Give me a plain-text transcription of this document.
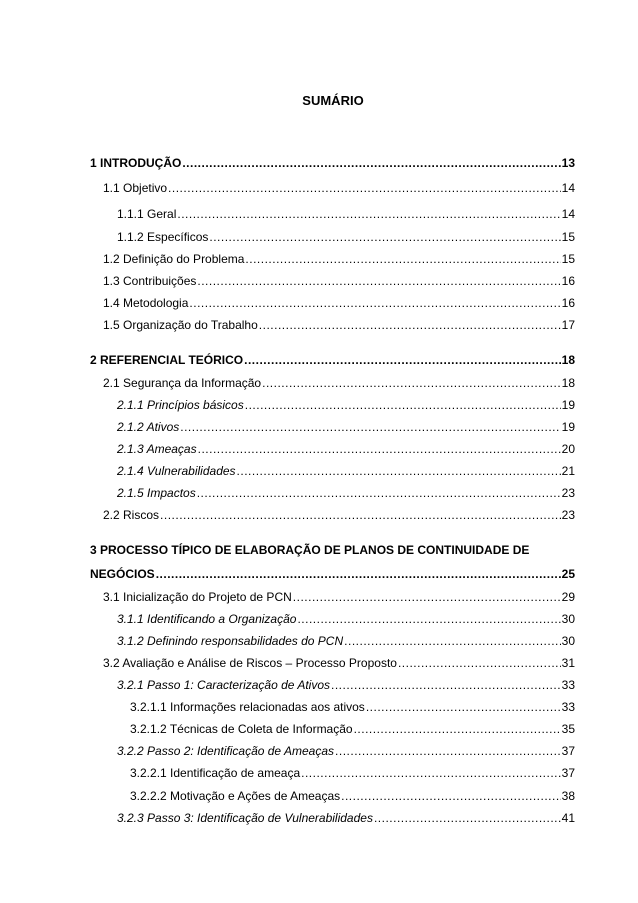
SUMÁRIO
1 INTRODUÇÃO .....	13
1.1 Objetivo .....	14
1.1.1 Geral .....	14
1.1.2 Específicos .....	15
1.2 Definição do Problema .....	15
1.3 Contribuições .....	16
1.4 Metodologia .....	16
1.5 Organização do Trabalho .....	17
2 REFERENCIAL TEÓRICO .....	18
2.1 Segurança da Informação .....	18
2.1.1 Princípios básicos .....	19
2.1.2 Ativos .....	19
2.1.3 Ameaças .....	20
2.1.4 Vulnerabilidades .....	21
2.1.5 Impactos .....	23
2.2 Riscos .....	23
3 PROCESSO TÍPICO DE ELABORAÇÃO DE PLANOS DE CONTINUIDADE DE
NEGÓCIOS .....	25
3.1 Inicialização do Projeto de PCN .....	29
3.1.1 Identificando a Organização .....	30
3.1.2 Definindo responsabilidades do PCN .....	30
3.2 Avaliação e Análise de Riscos – Processo Proposto .....	31
3.2.1 Passo 1: Caracterização de Ativos .....	33
3.2.1.1 Informações relacionadas aos ativos .....	33
3.2.1.2 Técnicas de Coleta de Informação .....	35
3.2.2 Passo 2: Identificação de Ameaças .....	37
3.2.2.1 Identificação de ameaça .....	37
3.2.2.2 Motivação e Ações de Ameaças .....	38
3.2.3 Passo 3: Identificação de Vulnerabilidades .....	41
